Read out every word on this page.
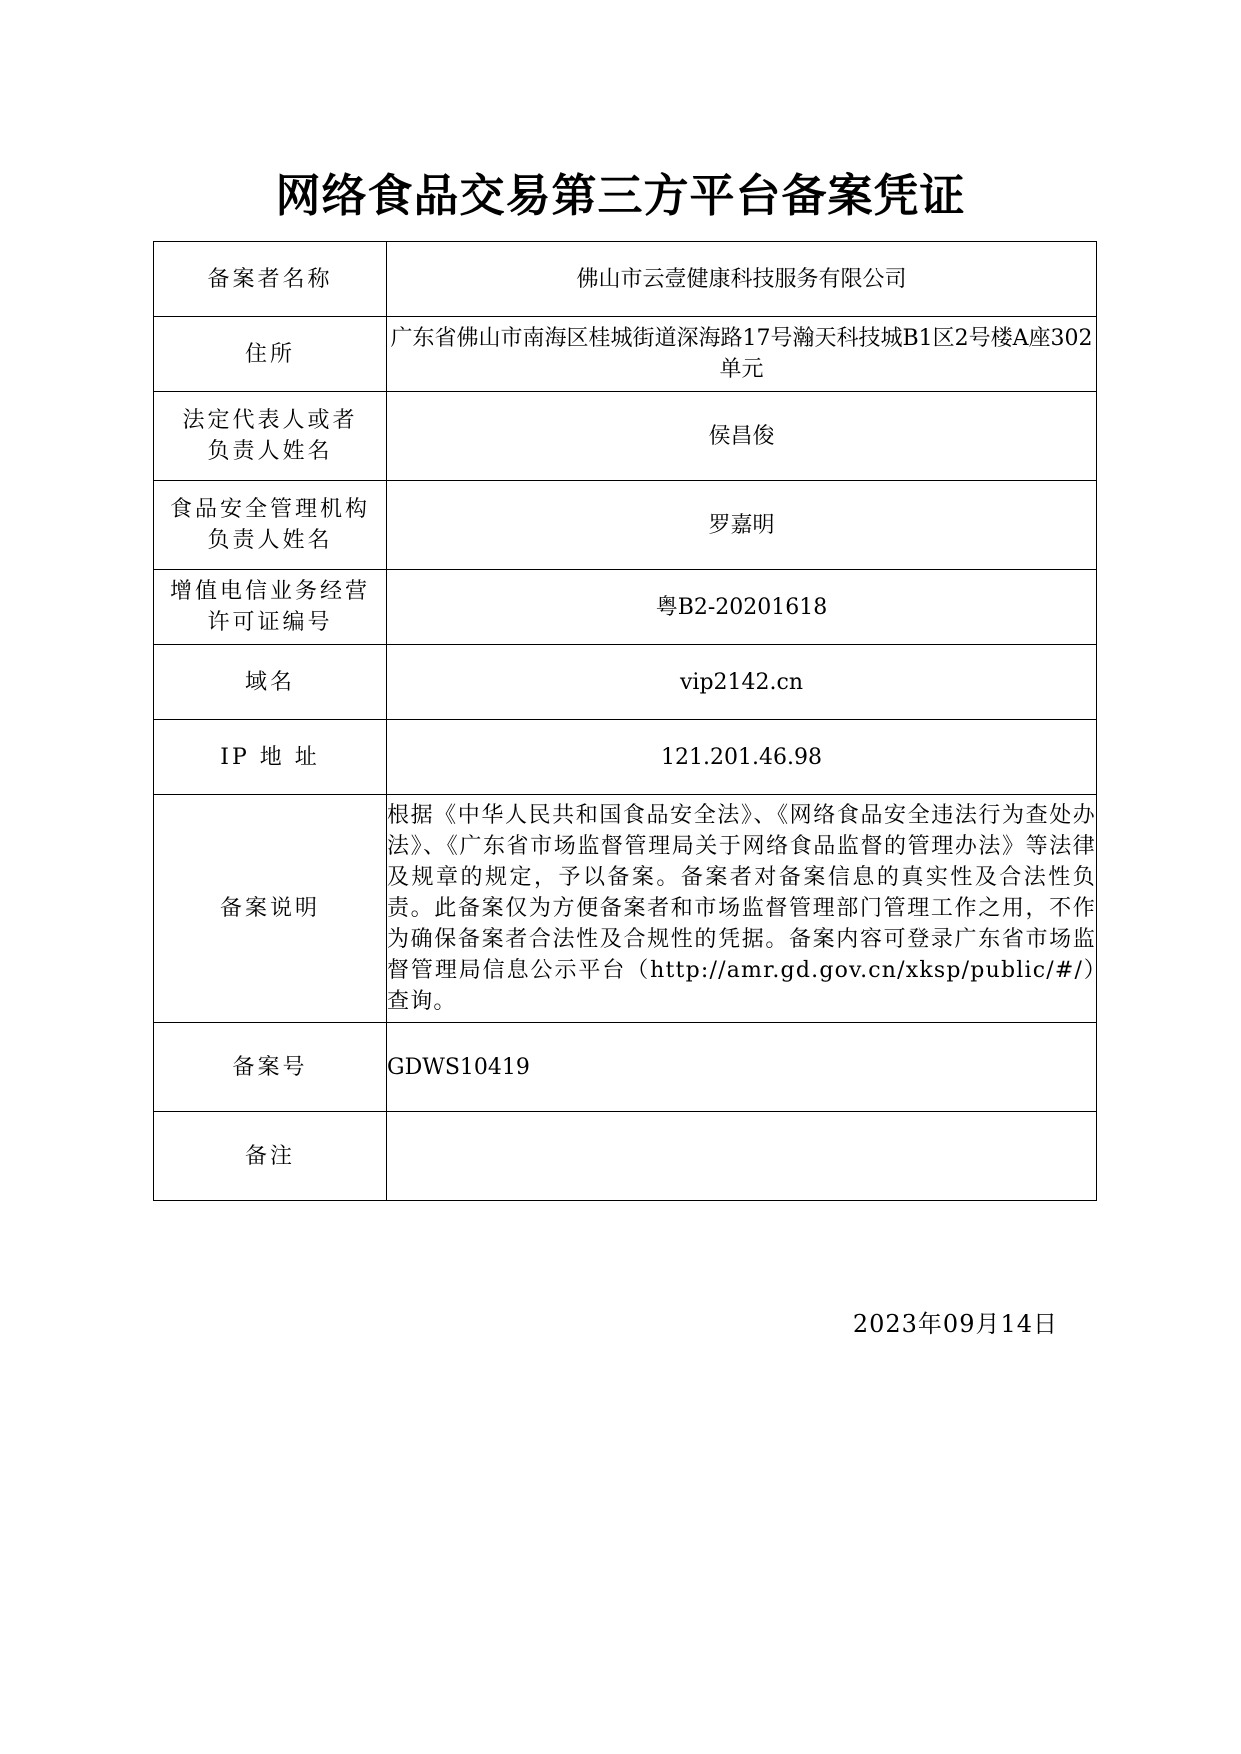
网络食品交易第三方平台备案凭证
备案者名称	佛山市云壹健康科技服务有限公司
住所	广东省佛山市南海区桂城街道深海路17号瀚天科技城B1区2号楼A座302单元
法定代表人或者负责人姓名	侯昌俊
食品安全管理机构负责人姓名	罗嘉明
增值电信业务经营许可证编号	粤B2-20201618
域名	vip2142.cn
IP 地 址	121.201.46.98
备案说明	根据《中华人民共和国食品安全法》、《网络食品安全违法行为查处办法》、《广东省市场监督管理局关于网络食品监督的管理办法》等法律及规章的规定，予以备案。备案者对备案信息的真实性及合法性负责。此备案仅为方便备案者和市场监督管理部门管理工作之用，不作为确保备案者合法性及合规性的凭据。备案内容可登录广东省市场监督管理局信息公示平台（http://amr.gd.gov.cn/xksp/public/#/）查询。
备案号	GDWS10419
备注	
2023年09月14日
